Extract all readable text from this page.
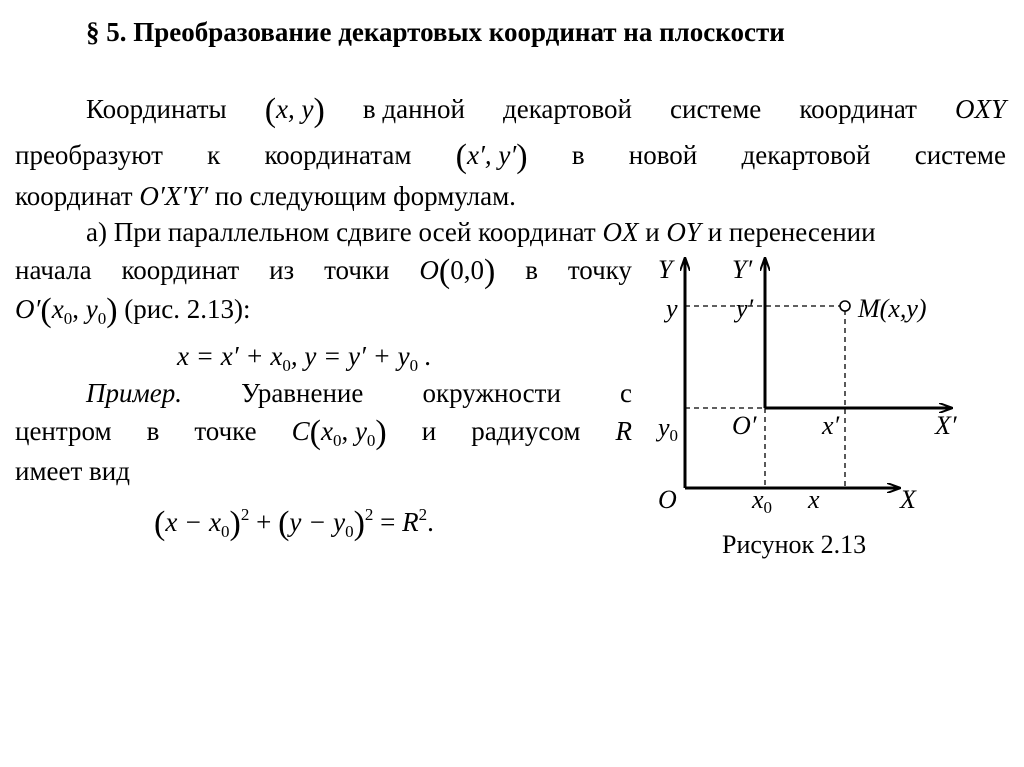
§ 5. Преобразование декартовых координат на плоскости
Координаты (x, y) в данной декартовой системе координат OXY
преобразуют к координатам (x′, y′) в новой декартовой системе
координат O′X′Y′ по следующим формулам.
а) При параллельном сдвиге осей координат OX и OY и перенесении
начала координат из точки O(0,0) в точку
$O'(x_0$, $y_0$) (рис. 2.13):
$x = x' + x_0$, $y = y' + y_0$ .
Пример. Уравнение окружности с
центром в точке $C(x_0$, $y_0$) и радиусом R
имеет вид
$(x - x_0)^2 + (y - y_0)^2 = R^2$.
Y Y′
y y′	M(x,y)
y0 O′	x′	X′
O	x0 x	X
Рисунок 2.13
